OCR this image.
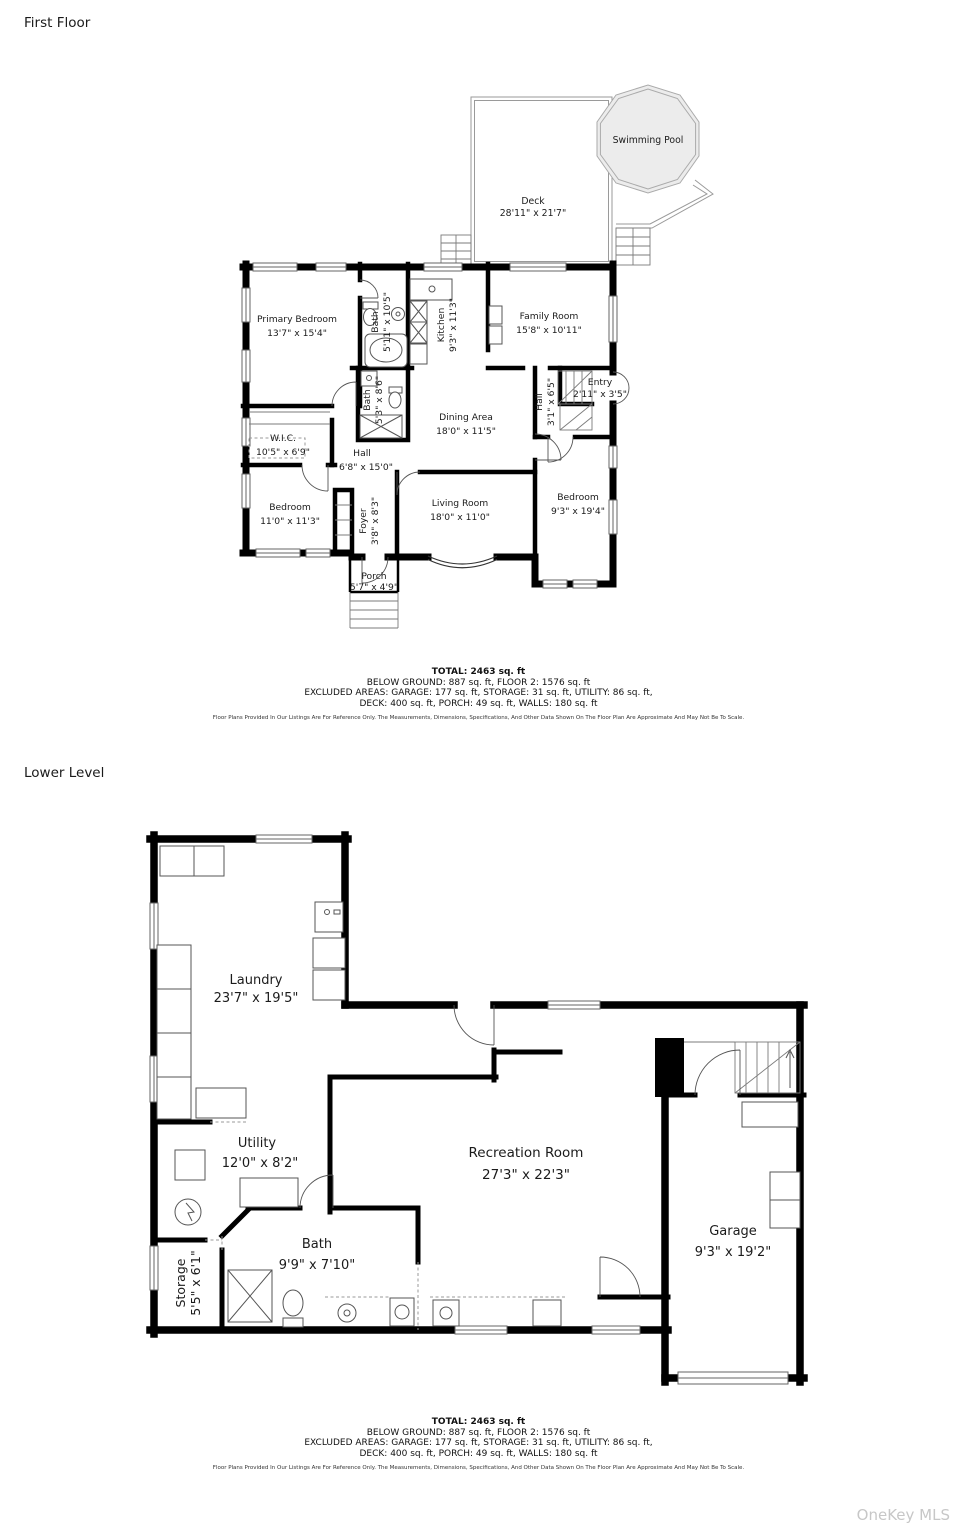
First Floor
Swimming Pool
Deck
28'11" x 21'7"
Primary Bedroom
13'7" x 15'4"
Bath 5'11" x 10'5"	Kitchen 9'3" x 11'3"	Family Room
15'8" x 10'11"
Bath 5'3" x 8'6"	Dining Area
18'0" x 11'5"
Hall 3'1" x 6'5"	Entry
2'11" x 3'5"
W.I.C.
10'5" x 6'9"	Hall
6'8" x 15'0"
Bedroom
11'0" x 11'3"
Living Room
18'0" x 11'0"
Foyer 3'8" x 8'3"	Bedroom
9'3" x 19'4"
Porch
5'7" x 4'9"
Laundry
23'7" x 19'5"
Utility
12'0" x 8'2"
Recreation Room
27'3" x 22'3"
Bath
9'9" x 7'10"
Storage 5'5" x 6'1"
Garage
9'3" x 19'2"
TOTAL: 2463 sq. ft
BELOW GROUND: 887 sq. ft, FLOOR 2: 1576 sq. ft
EXCLUDED AREAS: GARAGE: 177 sq. ft, STORAGE: 31 sq. ft, UTILITY: 86 sq. ft,
DECK: 400 sq. ft, PORCH: 49 sq. ft, WALLS: 180 sq. ft
Floor Plans Provided In Our Listings Are For Reference Only. The Measurements, Dimensions, Specifications, And Other Data Shown On The Floor Plan Are Approximate And May Not Be To Scale.
Lower Level
TOTAL: 2463 sq. ft
BELOW GROUND: 887 sq. ft, FLOOR 2: 1576 sq. ft
EXCLUDED AREAS: GARAGE: 177 sq. ft, STORAGE: 31 sq. ft, UTILITY: 86 sq. ft,
DECK: 400 sq. ft, PORCH: 49 sq. ft, WALLS: 180 sq. ft
Floor Plans Provided In Our Listings Are For Reference Only. The Measurements, Dimensions, Specifications, And Other Data Shown On The Floor Plan Are Approximate And May Not Be To Scale.
OneKey MLS
